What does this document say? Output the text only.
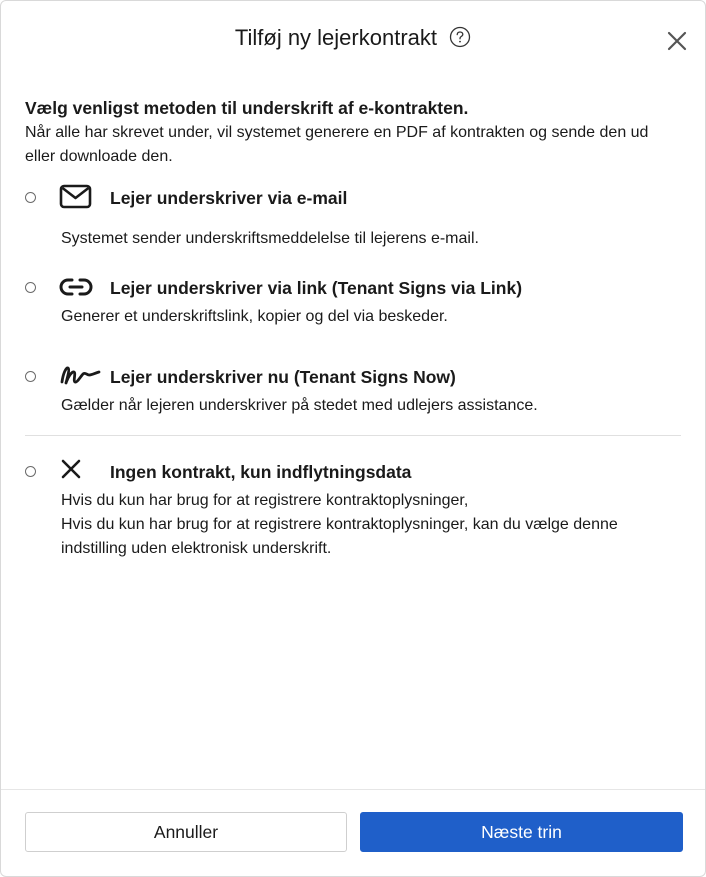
Tilføj ny lejerkontrakt

Vælg venligst metoden til underskrift af e-kontrakten.

Når alle har skrevet under, vil systemet generere en PDF af kontrakten og sende den ud
eller downloade den.

Lejer underskriver via e-mail
Systemet sender underskriftsmeddelelse til lejerens e-mail.
Lejer underskriver via link (Tenant Signs via Link)
Generer et underskriftslink, kopier og del via beskeder.
Lejer underskriver nu (Tenant Signs Now)
Gælder når lejeren underskriver på stedet med udlejers assistance.
Ingen kontrakt, kun indflytningsdata
Hvis du kun har brug for at registrere kontraktoplysninger,
Hvis du kun har brug for at registrere kontraktoplysninger, kan du vælge denne
indstilling uden elektronisk underskrift.
Annuller	Næste trin
